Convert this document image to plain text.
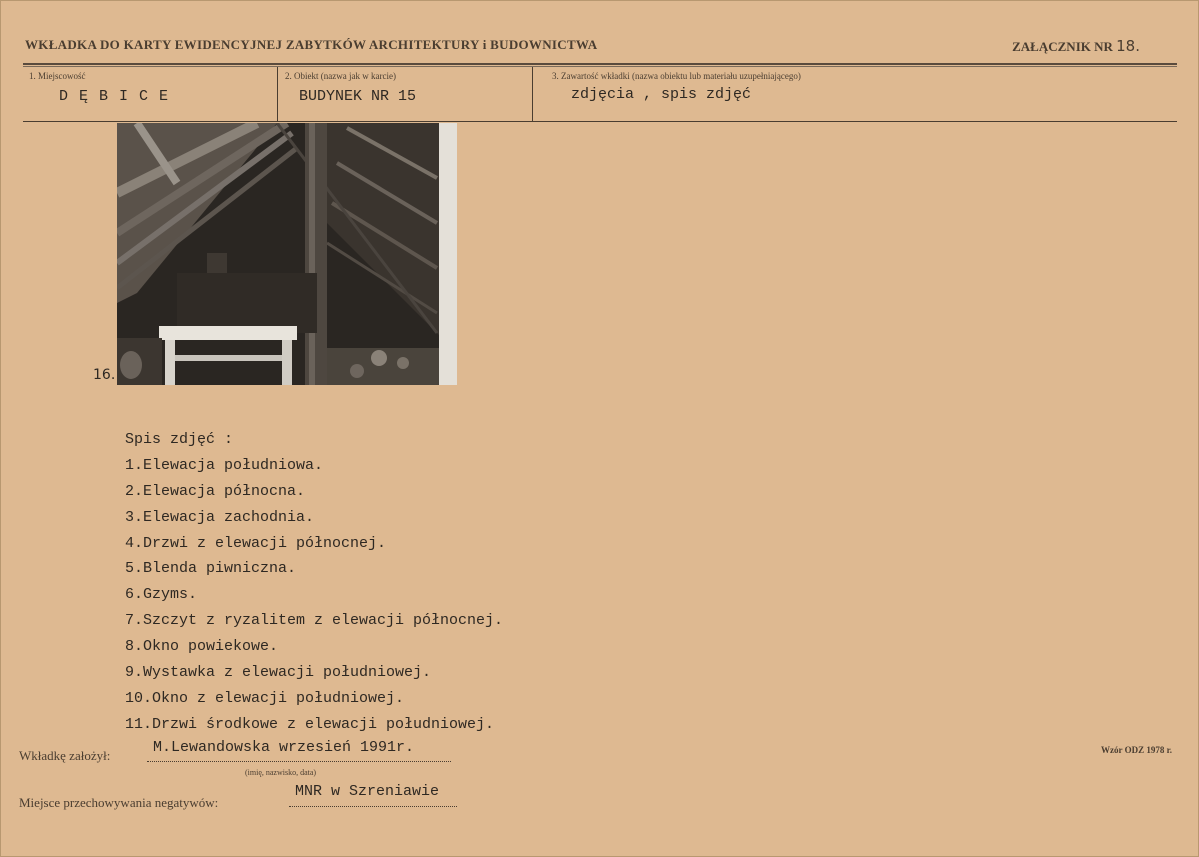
WKŁADKA DO KARTY EWIDENCYJNEJ ZABYTKÓW ARCHITEKTURY i BUDOWNICTWA	ZAŁĄCZNIK NR 18.
1. Miejscowość
D Ę B I C E
2. Obiekt (nazwa jak w karcie)
BUDYNEK NR 15
3. Zawartość wkładki (nazwa obiektu lub materiału uzupełniającego)
zdjęcia , spis zdjęć
16.
Spis zdjęć :
1.Elewacja południowa.
2.Elewacja północna.
3.Elewacja zachodnia.
4.Drzwi z elewacji północnej.
5.Blenda piwniczna.
6.Gzyms.
7.Szczyt z ryzalitem z elewacji północnej.
8.Okno powiekowe.
9.Wystawka z elewacji południowej.
10.Okno z elewacji południowej.
11.Drzwi środkowe z elewacji południowej.
Wkładkę założył:	M.Lewandowska wrzesień 1991r.
(imię, nazwisko, data)
Miejsce przechowywania negatywów:
MNR w Szreniawie
Wzór ODZ 1978 r.
